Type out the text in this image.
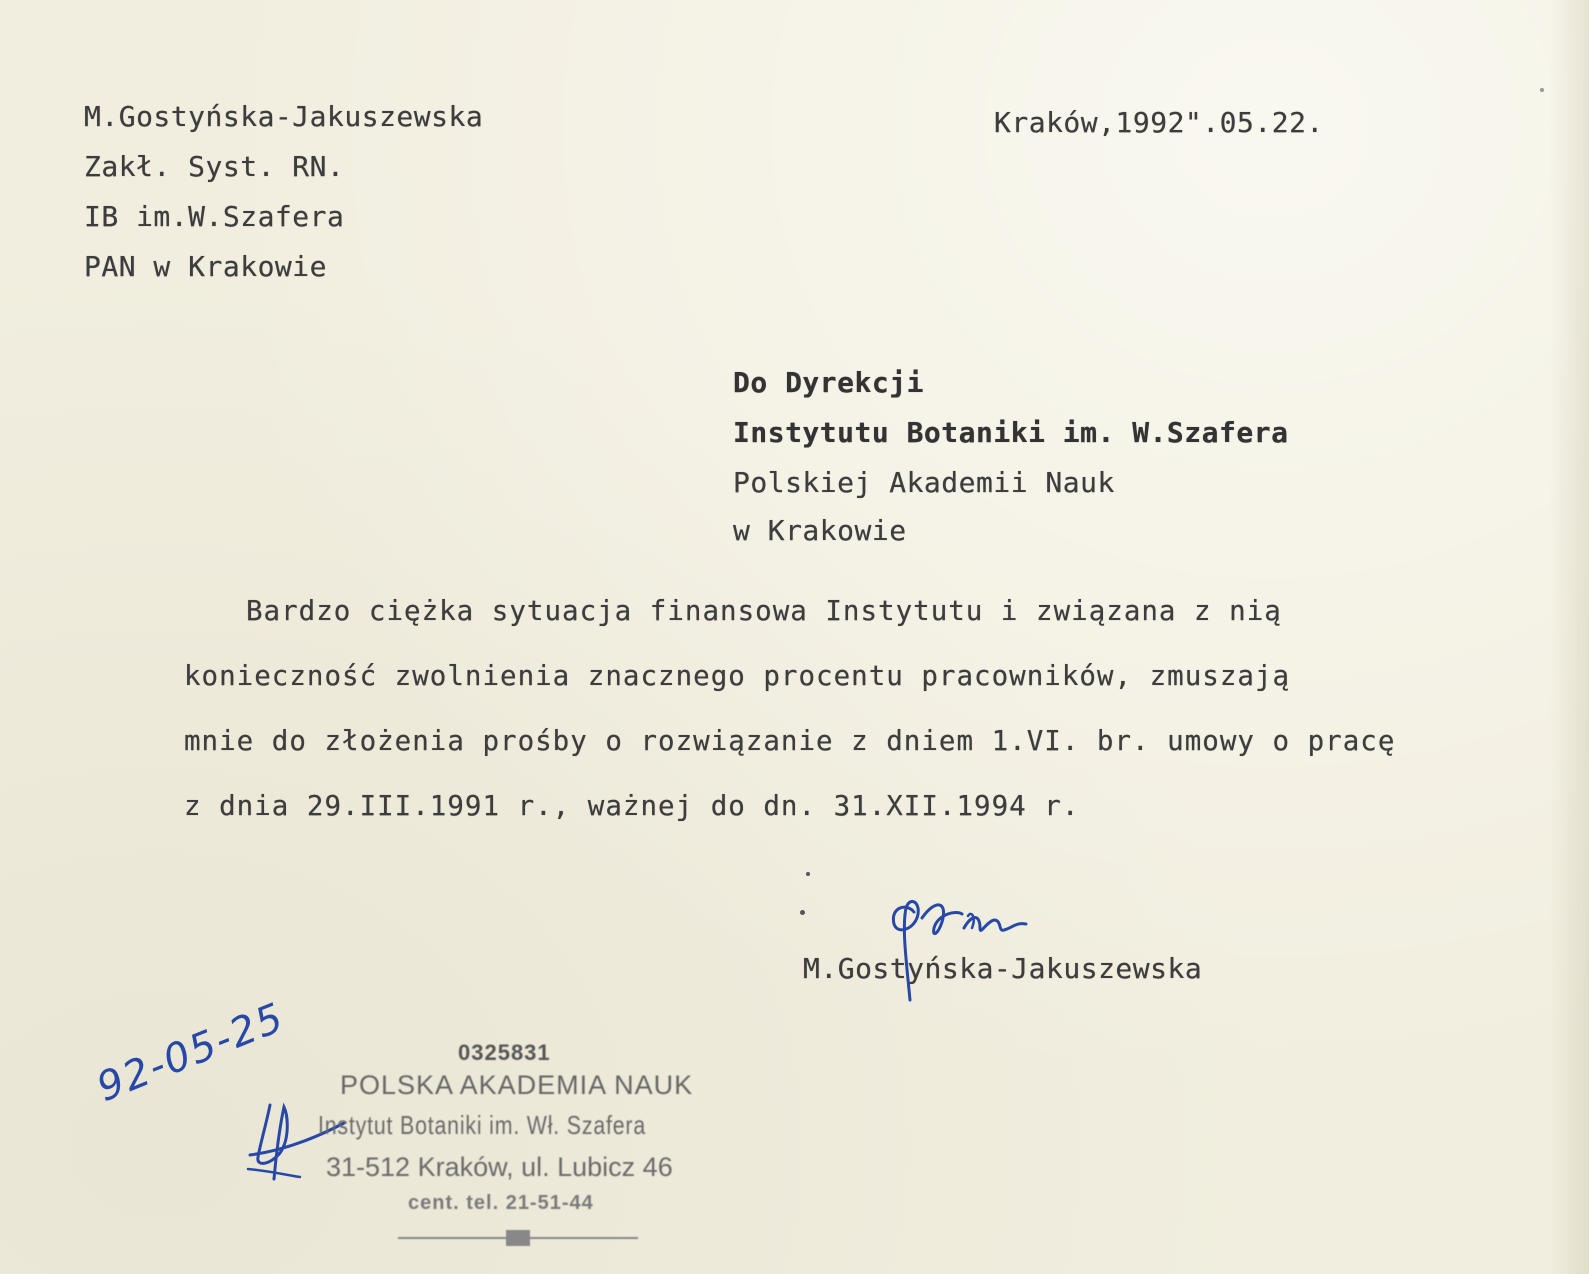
M.Gostyńska-Jakuszewska
Zakł. Syst. RN.
IB im.W.Szafera
PAN w Krakowie
Kraków,1992".05.22.
Do Dyrekcji
Instytutu Botaniki im. W.Szafera
Polskiej Akademii Nauk
w Krakowie
Bardzo ciężka sytuacja finansowa Instytutu i związana z nią
konieczność zwolnienia znacznego procentu pracowników, zmuszają
mnie do złożenia prośby o rozwiązanie z dniem 1.VI. br. umowy o pracę
z dnia 29.III.1991 r., ważnej do dn. 31.XII.1994 r.
M.Gostyńska-Jakuszewska
92-05-25	0325831
POLSKA AKADEMIA NAUK
Instytut Botaniki im. Wł. Szafera
31-512 Kraków, ul. Lubicz 46
cent. tel. 21-51-44
